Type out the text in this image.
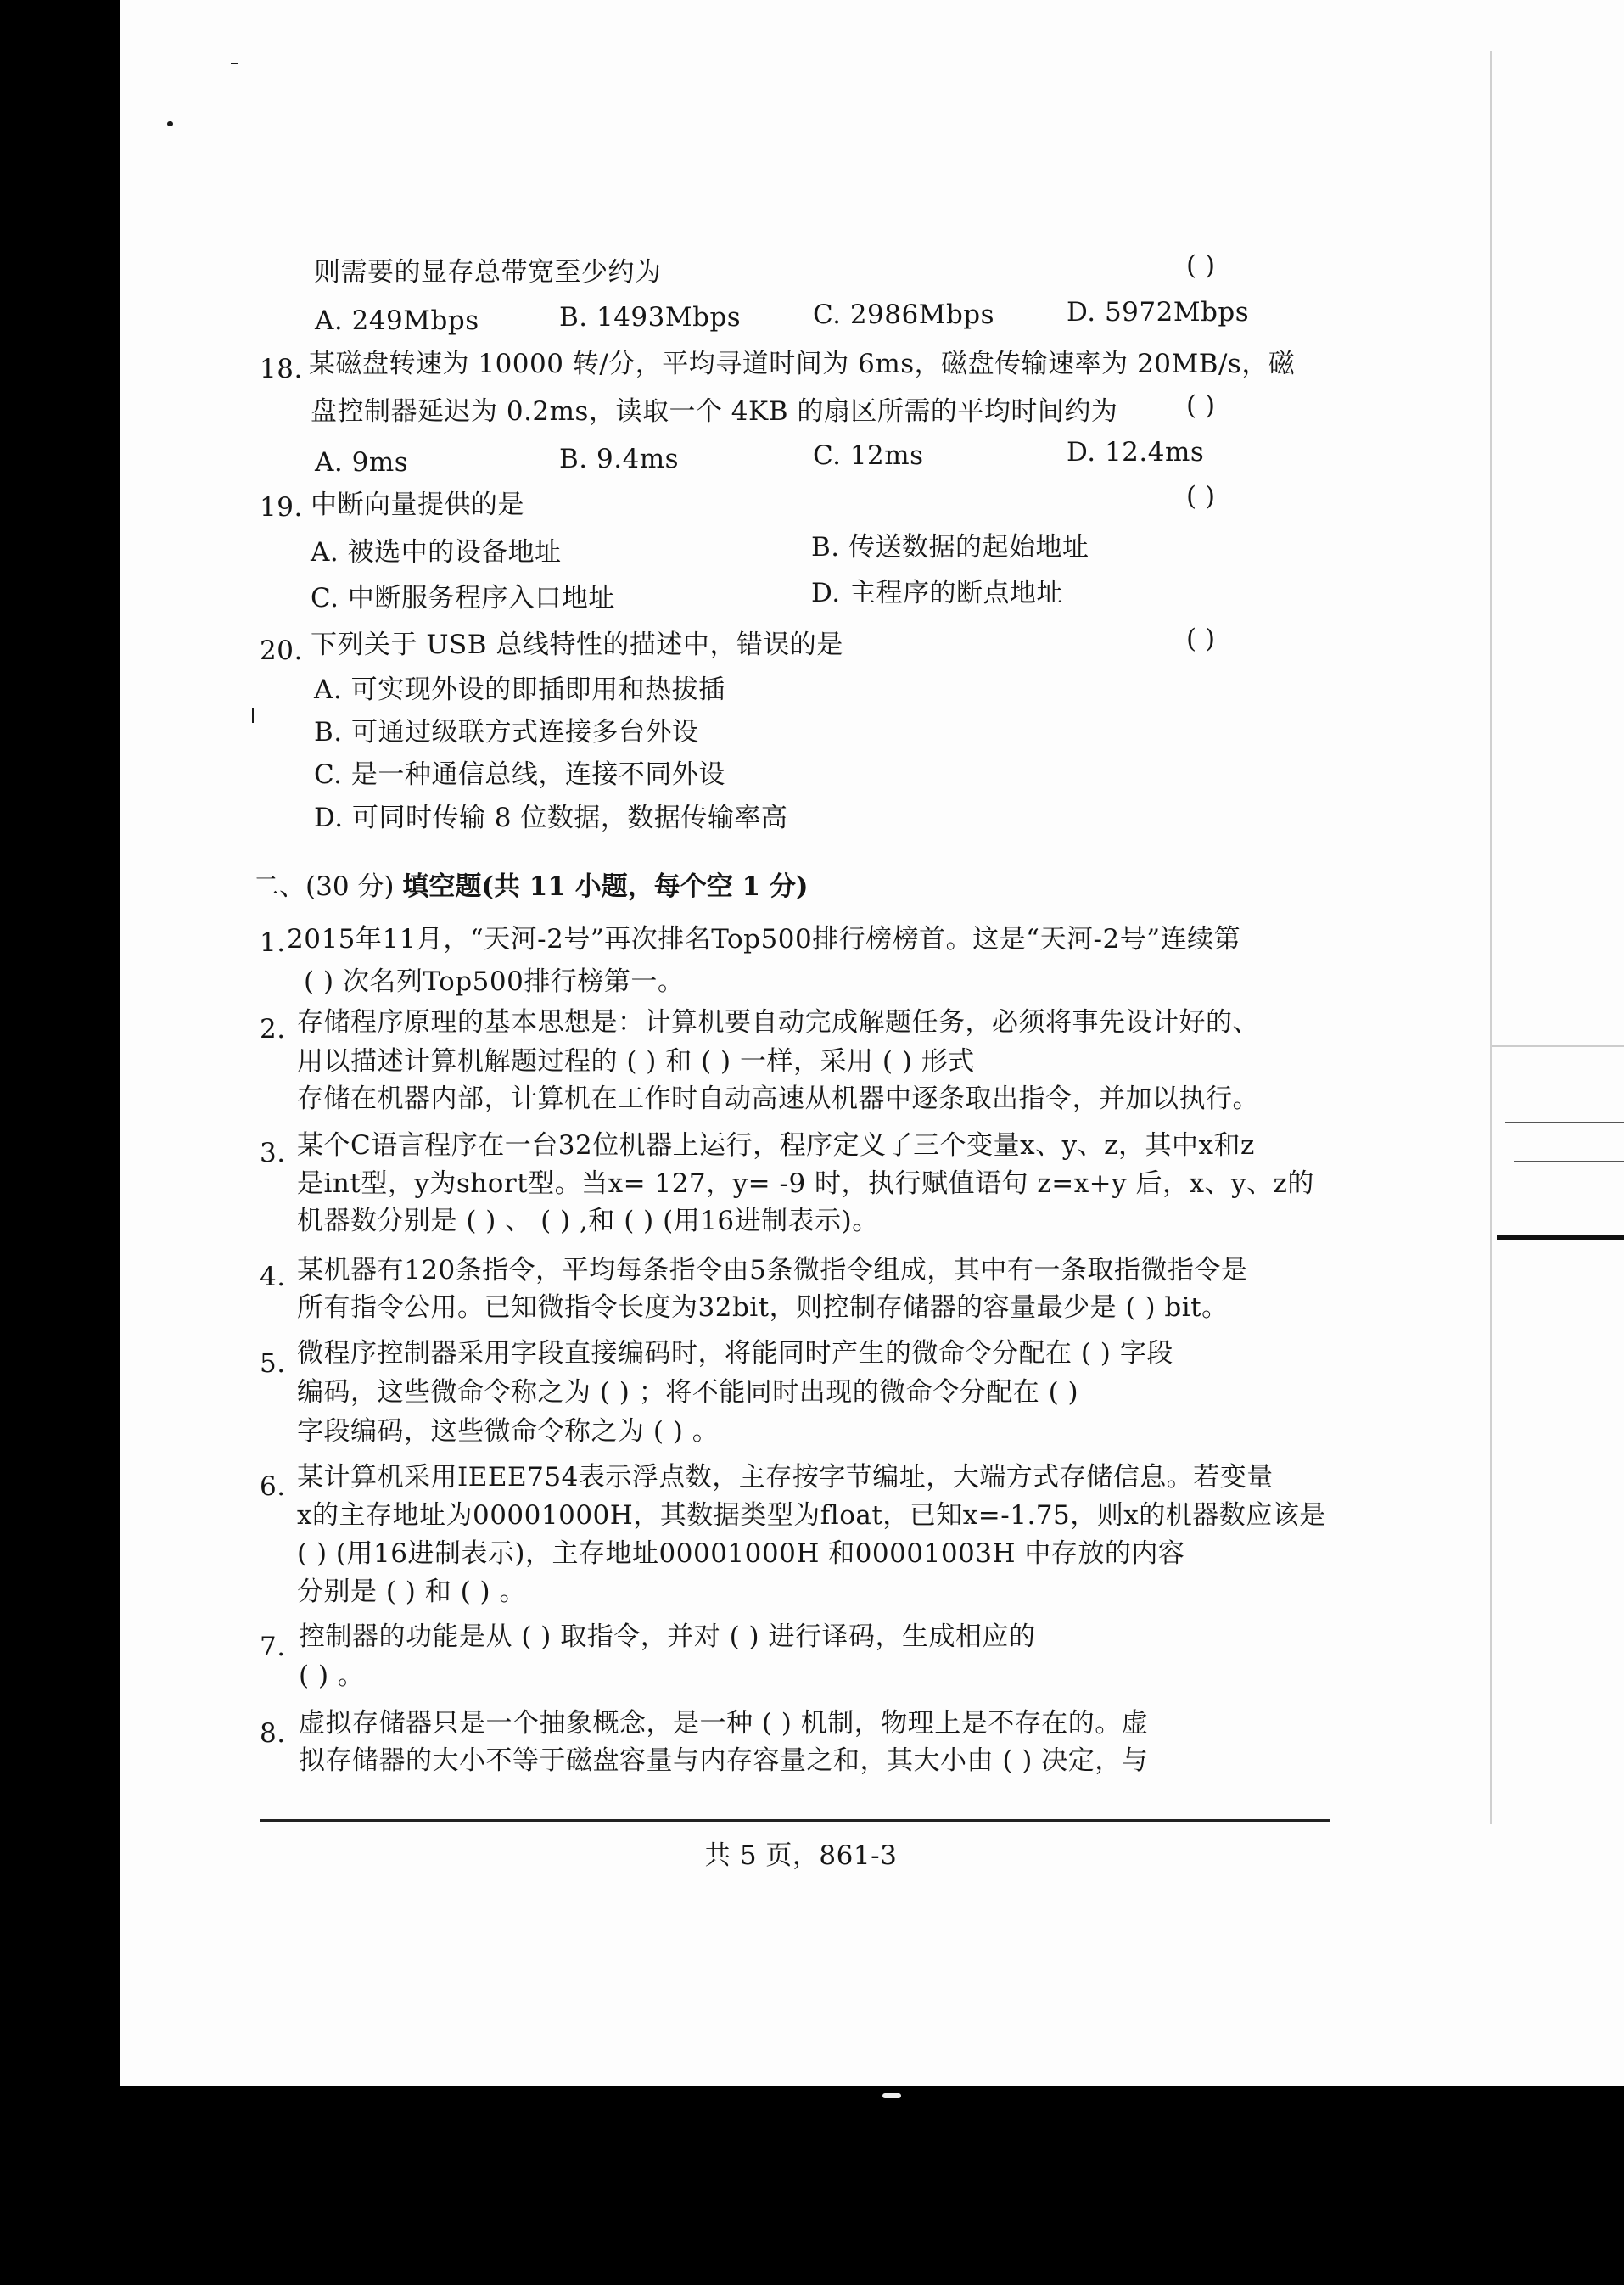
则需要的显存总带宽至少约为	( )
A. 249Mbps	B. 1493Mbps	C. 2986Mbps	D. 5972Mbps
18. 某磁盘转速为 10000 转/分，平均寻道时间为 6ms，磁盘传输速率为 20MB/s，磁
盘控制器延迟为 0.2ms，读取一个 4KB 的扇区所需的平均时间约为	( )
A. 9ms	B. 9.4ms	C. 12ms	D. 12.4ms
19. 中断向量提供的是	( )
A. 被选中的设备地址	B. 传送数据的起始地址
C. 中断服务程序入口地址	D. 主程序的断点地址
20. 下列关于 USB 总线特性的描述中，错误的是	( )
A. 可实现外设的即插即用和热拔插
B. 可通过级联方式连接多台外设
C. 是一种通信总线，连接不同外设
D. 可同时传输 8 位数据，数据传输率高
二、(30 分) 填空题(共 11 小题，每个空 1 分)
1. 2015年11月，“天河-2号”再次排名Top500排行榜榜首。这是“天河-2号”连续第
( ) 次名列Top500排行榜第一。
2. 存储程序原理的基本思想是：计算机要自动完成解题任务，必须将事先设计好的、
用以描述计算机解题过程的 ( ) 和 ( ) 一样，采用 ( ) 形式
存储在机器内部，计算机在工作时自动高速从机器中逐条取出指令，并加以执行。
3. 某个C语言程序在一台32位机器上运行，程序定义了三个变量x、y、z，其中x和z
是int型，y为short型。当x= 127，y= -9 时，执行赋值语句 z=x+y 后，x、y、z的
机器数分别是 ( ) 、 ( ) ,和 ( ) (用16进制表示)。
4. 某机器有120条指令，平均每条指令由5条微指令组成，其中有一条取指微指令是
所有指令公用。已知微指令长度为32bit，则控制存储器的容量最少是 ( ) bit。
5. 微程序控制器采用字段直接编码时，将能同时产生的微命令分配在 ( ) 字段
编码，这些微命令称之为 ( ) ；将不能同时出现的微命令分配在 ( )
字段编码，这些微命令称之为 ( ) 。
6. 某计算机采用IEEE754表示浮点数，主存按字节编址，大端方式存储信息。若变量
x的主存地址为00001000H，其数据类型为float，已知x=-1.75，则x的机器数应该是
( ) (用16进制表示)，主存地址00001000H 和00001003H 中存放的内容
分别是 ( ) 和 ( ) 。
7. 控制器的功能是从 ( ) 取指令，并对 ( ) 进行译码，生成相应的
( ) 。
8. 虚拟存储器只是一个抽象概念，是一种 ( ) 机制，物理上是不存在的。虚
拟存储器的大小不等于磁盘容量与内存容量之和，其大小由 ( ) 决定，与
共 5 页，861-3
